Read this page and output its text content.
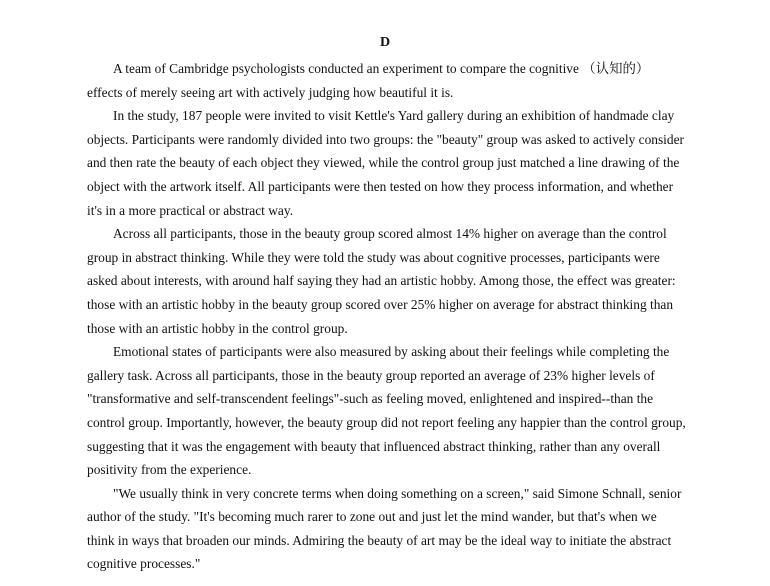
D

A team of Cambridge psychologists conducted an experiment to compare the cognitive （认知的） effects of merely seeing art with actively judging how beautiful it is.

In the study, 187 people were invited to visit Kettle's Yard gallery during an exhibition of handmade clay objects. Participants were randomly divided into two groups: the "beauty" group was asked to actively consider and then rate the beauty of each object they viewed, while the control group just matched a line drawing of the object with the artwork itself. All participants were then tested on how they process information, and whether it's in a more practical or abstract way.

Across all participants, those in the beauty group scored almost 14% higher on average than the control group in abstract thinking. While they were told the study was about cognitive processes, participants were asked about interests, with around half saying they had an artistic hobby. Among those, the effect was greater: those with an artistic hobby in the beauty group scored over 25% higher on average for abstract thinking than those with an artistic hobby in the control group.

Emotional states of participants were also measured by asking about their feelings while completing the gallery task. Across all participants, those in the beauty group reported an average of 23% higher levels of "transformative and self-transcendent feelings"-such as feeling moved, enlightened and inspired--than the control group. Importantly, however, the beauty group did not report feeling any happier than the control group, suggesting that it was the engagement with beauty that influenced abstract thinking, rather than any overall positivity from the experience.

"We usually think in very concrete terms when doing something on a screen," said Simone Schnall, senior author of the study. "It's becoming much rarer to zone out and just let the mind wander, but that's when we think in ways that broaden our minds. Admiring the beauty of art may be the ideal way to initiate the abstract cognitive processes."
